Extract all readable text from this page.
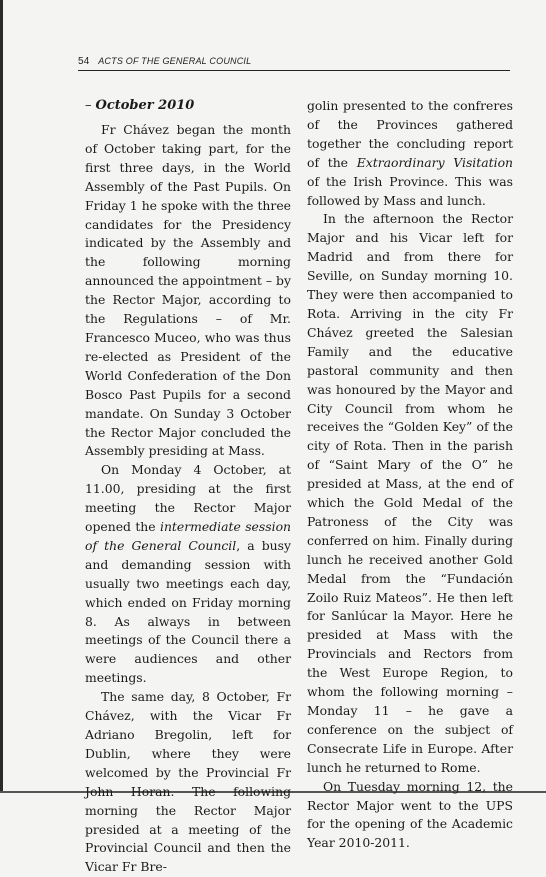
54 ACTS OF THE GENERAL COUNCIL
– October 2010

Fr Chávez began the month of October taking part, for the first three days, in the World Assembly of the Past Pupils. On Friday 1 he spoke with the three candidates for the Presidency indicated by the Assembly and the following morning announced the appointment – by the Rector Major, according to the Regulations – of Mr. Francesco Muceo, who was thus re-elected as President of the World Confederation of the Don Bosco Past Pupils for a second mandate. On Sunday 3 October the Rector Major concluded the Assembly presiding at Mass.

On Monday 4 October, at 11.00, presiding at the first meeting the Rector Major opened the intermediate session of the General Council, a busy and demanding session with usually two meetings each day, which ended on Friday morning 8. As always in between meetings of the Council there a were audiences and other meetings.

The same day, 8 October, Fr Chávez, with the Vicar Fr Adriano Bregolin, left for Dublin, where they were welcomed by the Provincial Fr John Horan. The following morning the Rector Major presided at a meeting of the Provincial Council and then the Vicar Fr Bre-

golin presented to the confreres of the Provinces gathered together the concluding report of the Extraordinary Visitation of the Irish Province. This was followed by Mass and lunch.

In the afternoon the Rector Major and his Vicar left for Madrid and from there for Seville, on Sunday morning 10. They were then accompanied to Rota. Arriving in the city Fr Chávez greeted the Salesian Family and the educative pastoral community and then was honoured by the Mayor and City Council from whom he receives the “Golden Key” of the city of Rota. Then in the parish of “Saint Mary of the O” he presided at Mass, at the end of which the Gold Medal of the Patroness of the City was conferred on him. Finally during lunch he received another Gold Medal from the “Fundación Zoilo Ruiz Mateos”. He then left for Sanlúcar la Mayor. Here he presided at Mass with the Provincials and Rectors from the West Europe Region, to whom the following morning – Monday 11 – he gave a conference on the subject of Consecrate Life in Europe. After lunch he returned to Rome.

On Tuesday morning 12, the Rector Major went to the UPS for the opening of the Academic Year 2010-2011.
